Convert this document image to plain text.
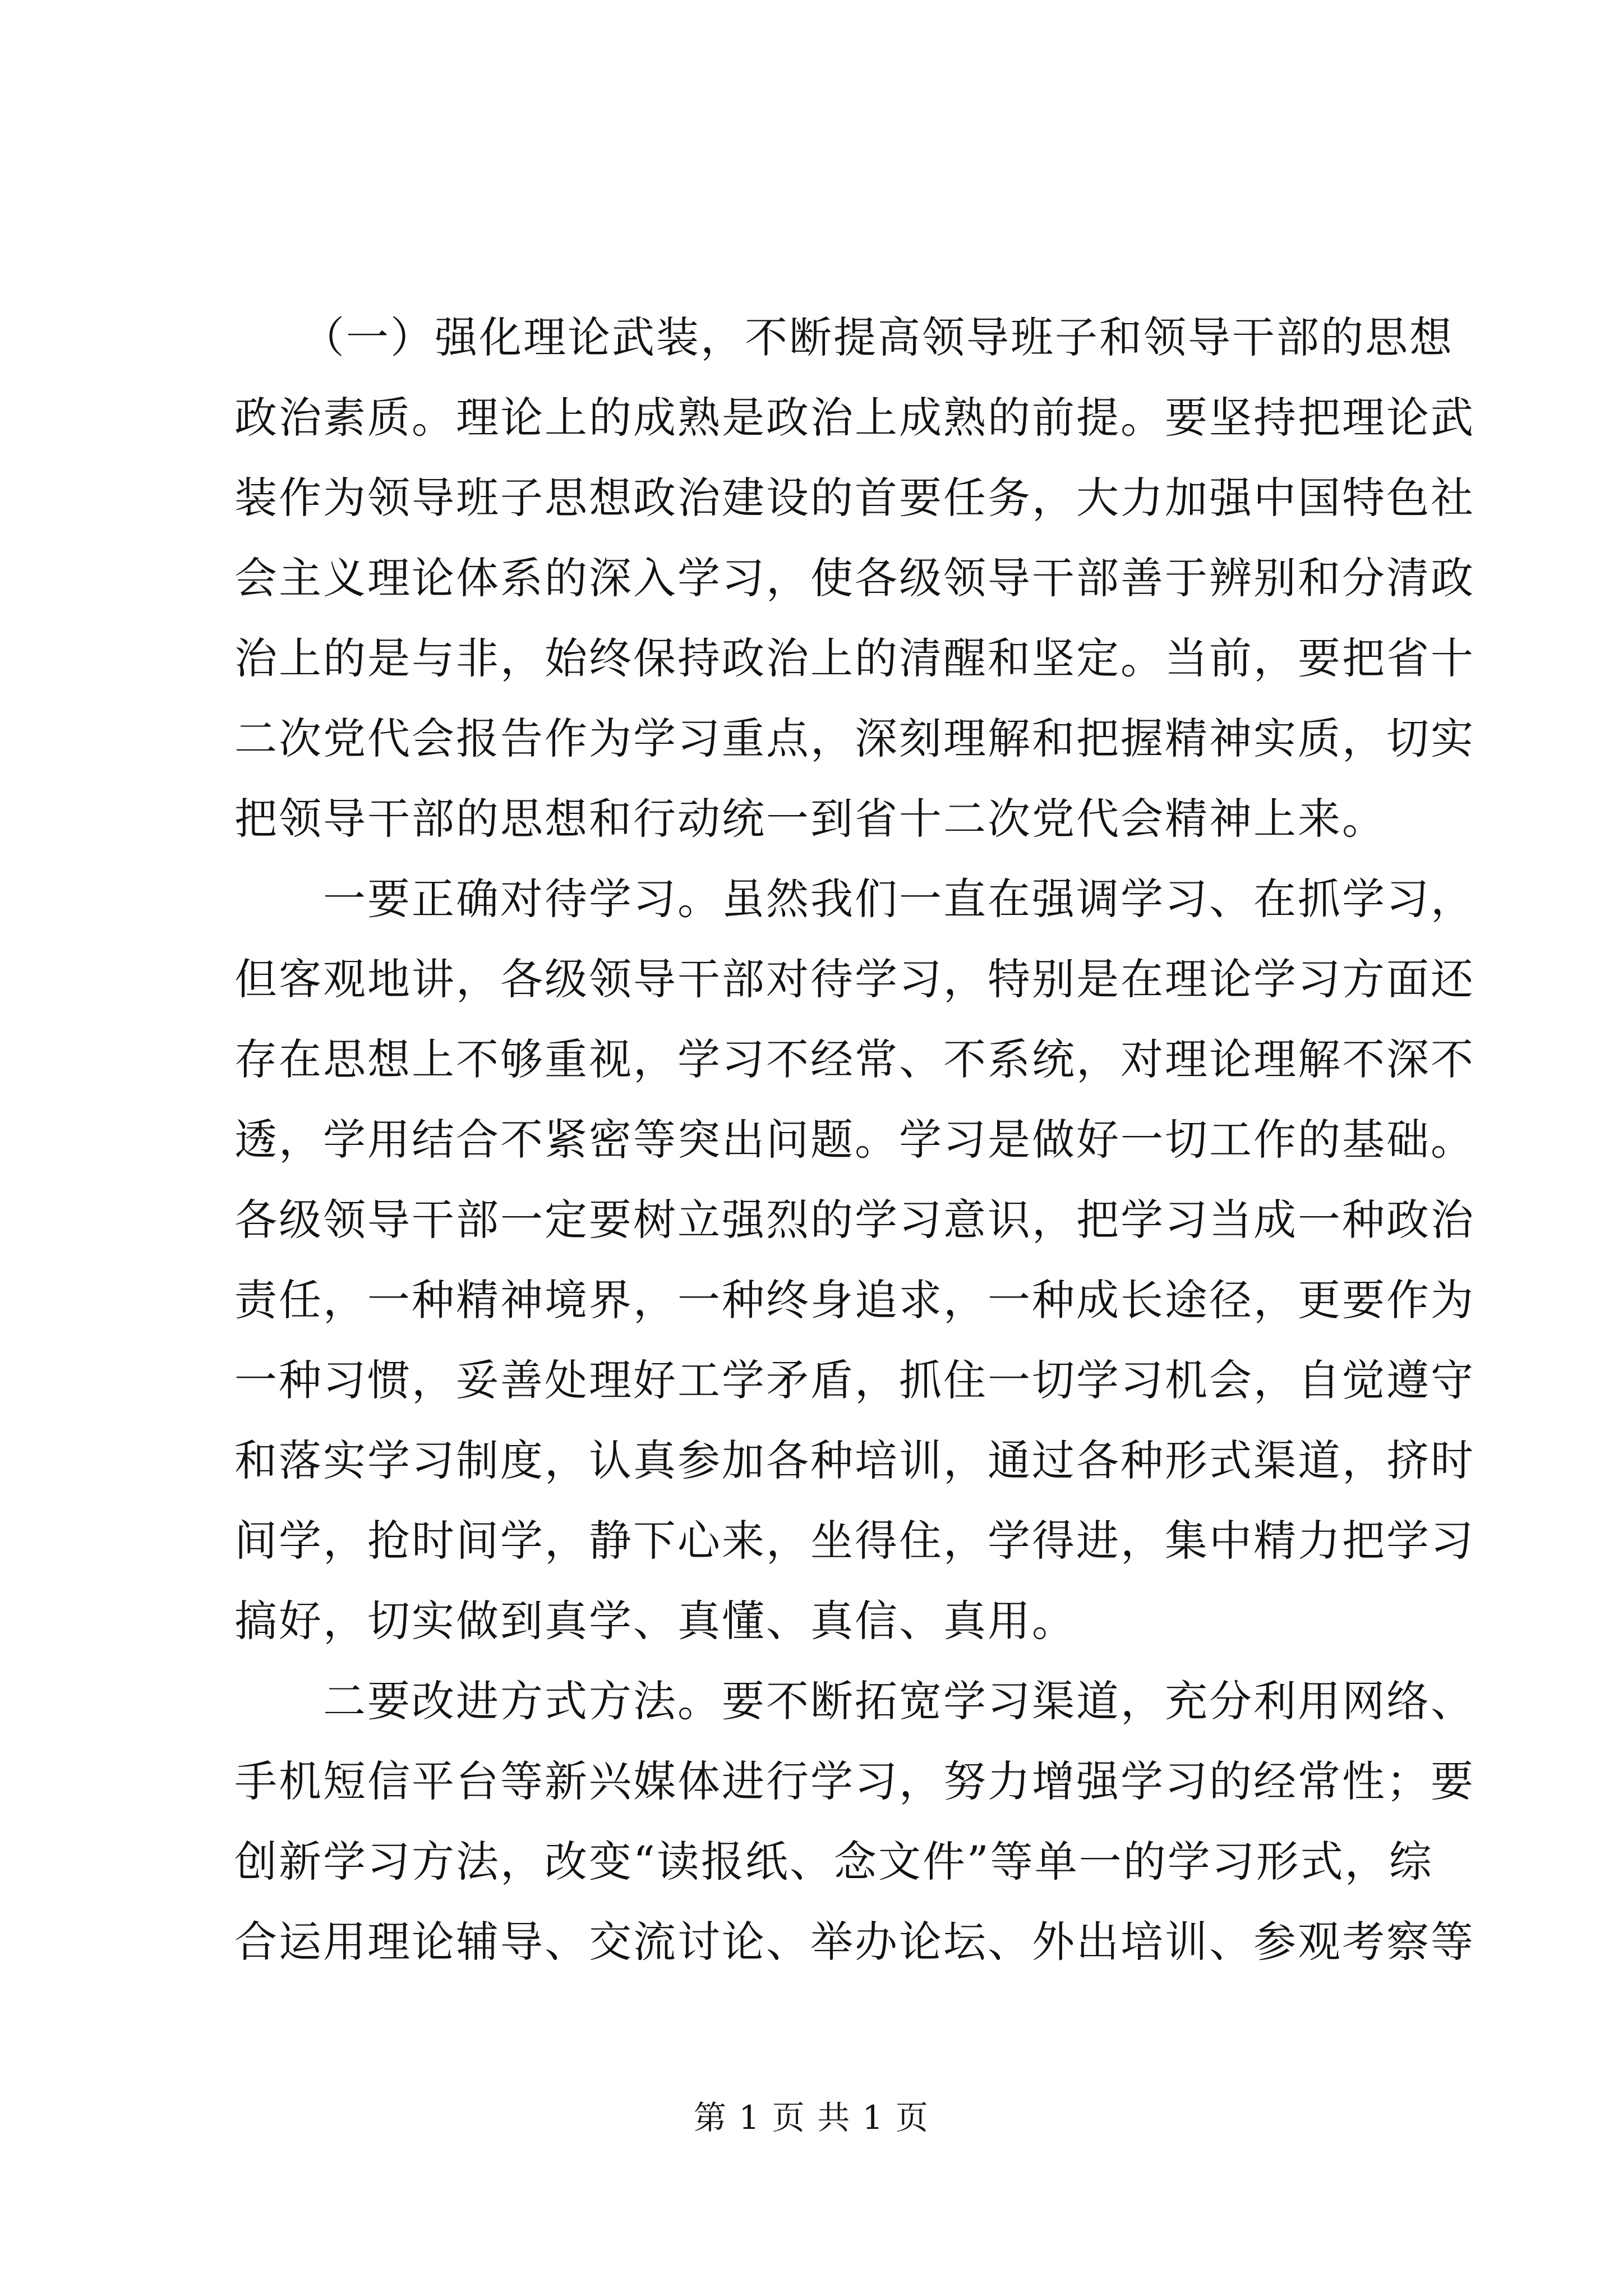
　　（一）强化理论武装，不断提高领导班子和领导干部的思想
政治素质。理论上的成熟是政治上成熟的前提。要坚持把理论武
装作为领导班子思想政治建设的首要任务，大力加强中国特色社
会主义理论体系的深入学习，使各级领导干部善于辨别和分清政
治上的是与非，始终保持政治上的清醒和坚定。当前，要把省十
二次党代会报告作为学习重点，深刻理解和把握精神实质，切实
把领导干部的思想和行动统一到省十二次党代会精神上来。
　　一要正确对待学习。虽然我们一直在强调学习、在抓学习，
但客观地讲，各级领导干部对待学习，特别是在理论学习方面还
存在思想上不够重视，学习不经常、不系统，对理论理解不深不
透，学用结合不紧密等突出问题。学习是做好一切工作的基础。
各级领导干部一定要树立强烈的学习意识，把学习当成一种政治
责任，一种精神境界，一种终身追求，一种成长途径，更要作为
一种习惯，妥善处理好工学矛盾，抓住一切学习机会，自觉遵守
和落实学习制度，认真参加各种培训，通过各种形式渠道，挤时
间学，抢时间学，静下心来，坐得住，学得进，集中精力把学习
搞好，切实做到真学、真懂、真信、真用。
　　二要改进方式方法。要不断拓宽学习渠道，充分利用网络、
手机短信平台等新兴媒体进行学习，努力增强学习的经常性；要
创新学习方法，改变“读报纸、念文件”等单一的学习形式，综
合运用理论辅导、交流讨论、举办论坛、外出培训、参观考察等
第 1 页 共 1 页
